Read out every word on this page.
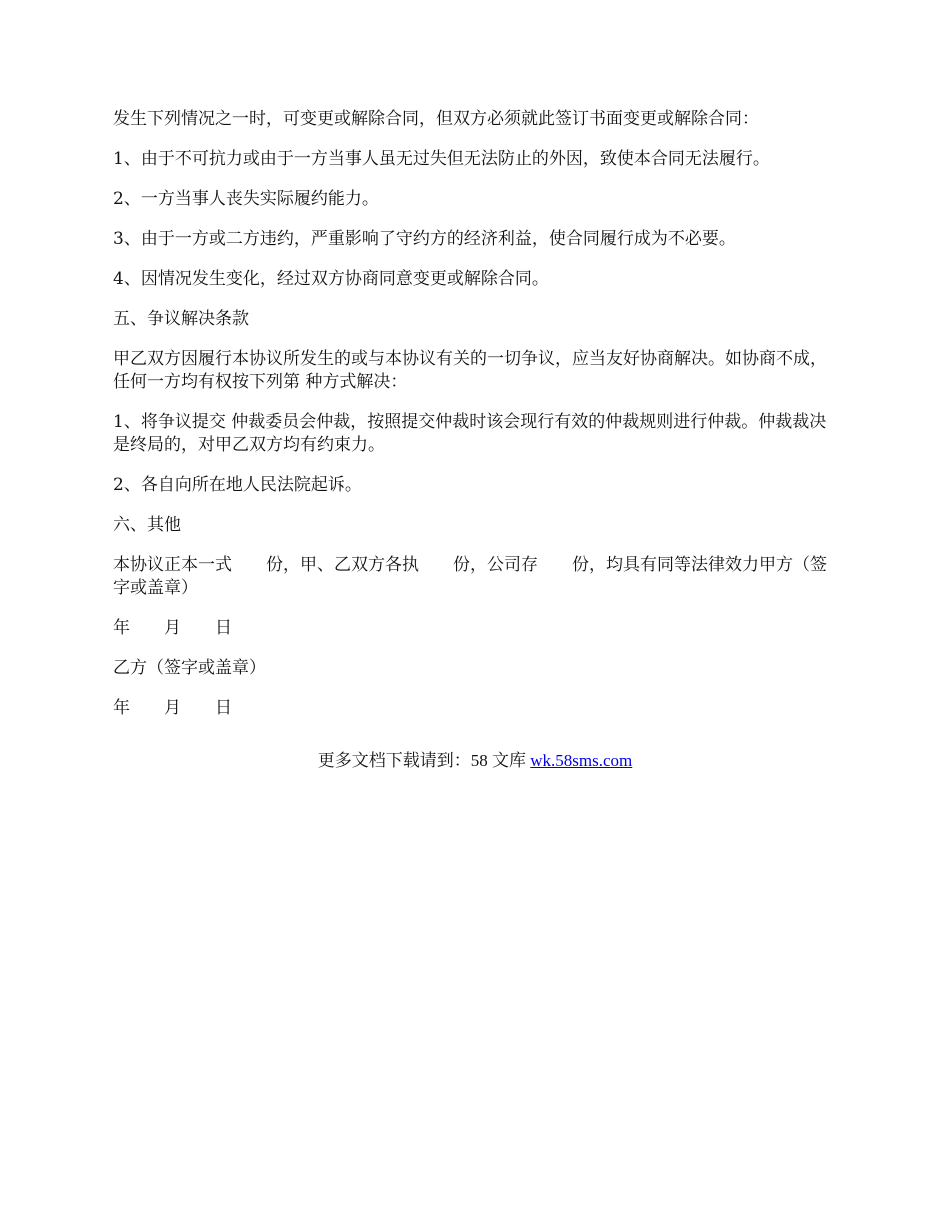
发生下列情况之一时，可变更或解除合同，但双方必须就此签订书面变更或解除合同：

1、由于不可抗力或由于一方当事人虽无过失但无法防止的外因，致使本合同无法履行。

2、一方当事人丧失实际履约能力。

3、由于一方或二方违约，严重影响了守约方的经济利益，使合同履行成为不必要。

4、因情况发生变化，经过双方协商同意变更或解除合同。

五、争议解决条款

甲乙双方因履行本协议所发生的或与本协议有关的一切争议，应当友好协商解决。如协商不成，任何一方均有权按下列第 种方式解决：

1、将争议提交 仲裁委员会仲裁，按照提交仲裁时该会现行有效的仲裁规则进行仲裁。仲裁裁决是终局的，对甲乙双方均有约束力。

2、各自向所在地人民法院起诉。

六、其他

本协议正本一式　　份，甲、乙双方各执　　份，公司存　　份，均具有同等法律效力甲方（签字或盖章）

年　　月　　日

乙方（签字或盖章）

年　　月　　日

更多文档下载请到：58 文库 wk.58sms.com
